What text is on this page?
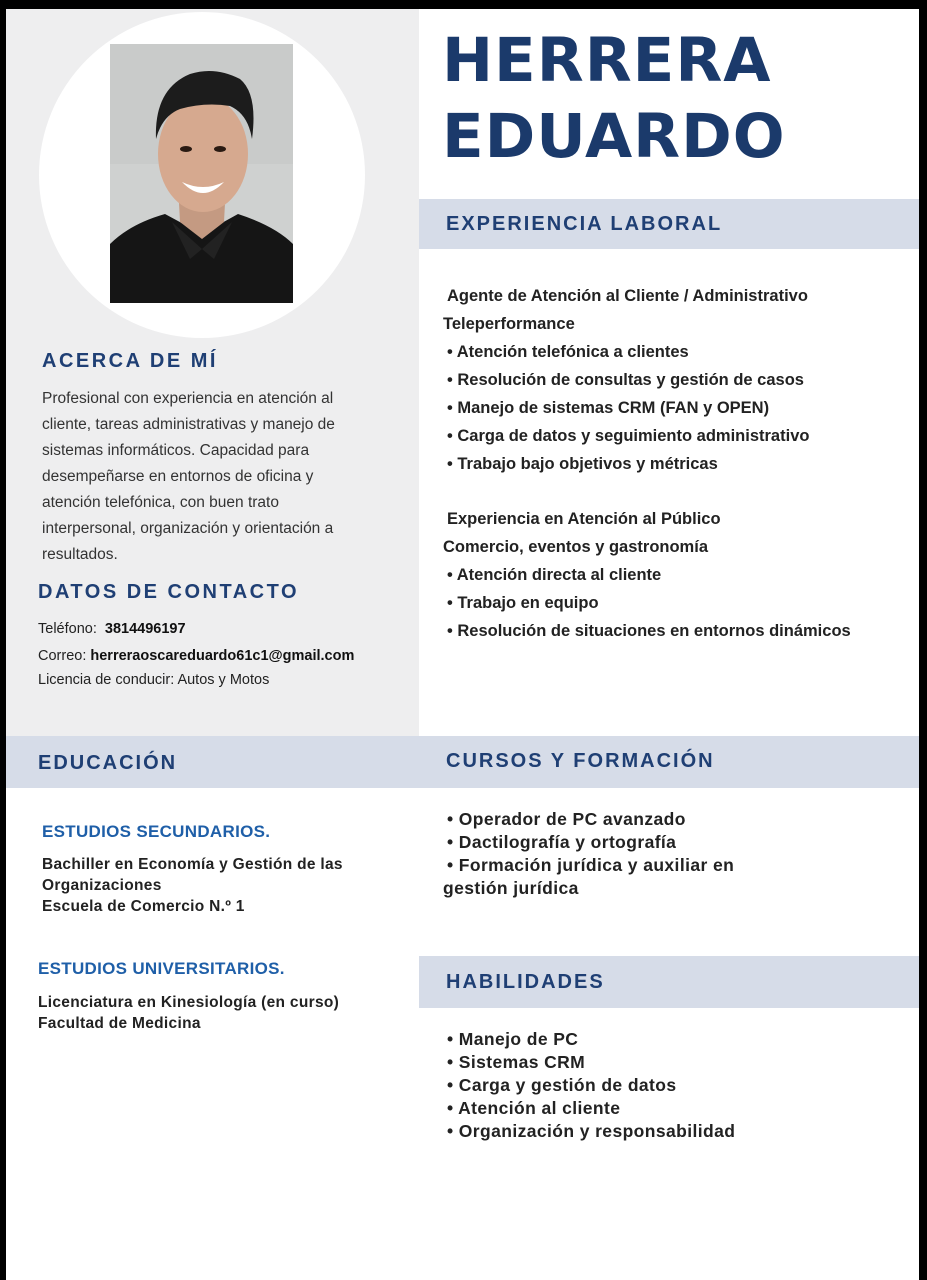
HERRERA
EDUARDO
ACERCA DE MÍ
Profesional con experiencia en atención al cliente, tareas administrativas y manejo de sistemas informáticos. Capacidad para desempeñarse en entornos de oficina y atención telefónica, con buen trato interpersonal, organización y orientación a resultados.
DATOS DE CONTACTO
Teléfono: 3814496197
Correo: herreraoscareduardo61c1@gmail.com
Licencia de conducir: Autos y Motos
EXPERIENCIA LABORAL
Agente de Atención al Cliente / Administrativo
Teleperformance
• Atención telefónica a clientes
• Resolución de consultas y gestión de casos
• Manejo de sistemas CRM (FAN y OPEN)
• Carga de datos y seguimiento administrativo
• Trabajo bajo objetivos y métricas
Experiencia en Atención al Público
Comercio, eventos y gastronomía
• Atención directa al cliente
• Trabajo en equipo
• Resolución de situaciones en entornos dinámicos
EDUCACIÓN	CURSOS Y FORMACIÓN
ESTUDIOS SECUNDARIOS.
Bachiller en Economía y Gestión de las
Organizaciones
Escuela de Comercio N.º 1
ESTUDIOS UNIVERSITARIOS.
Licenciatura en Kinesiología (en curso)
Facultad de Medicina
• Operador de PC avanzado
• Dactilografía y ortografía
• Formación jurídica y auxiliar en
gestión jurídica
HABILIDADES
• Manejo de PC
• Sistemas CRM
• Carga y gestión de datos
• Atención al cliente
• Organización y responsabilidad
